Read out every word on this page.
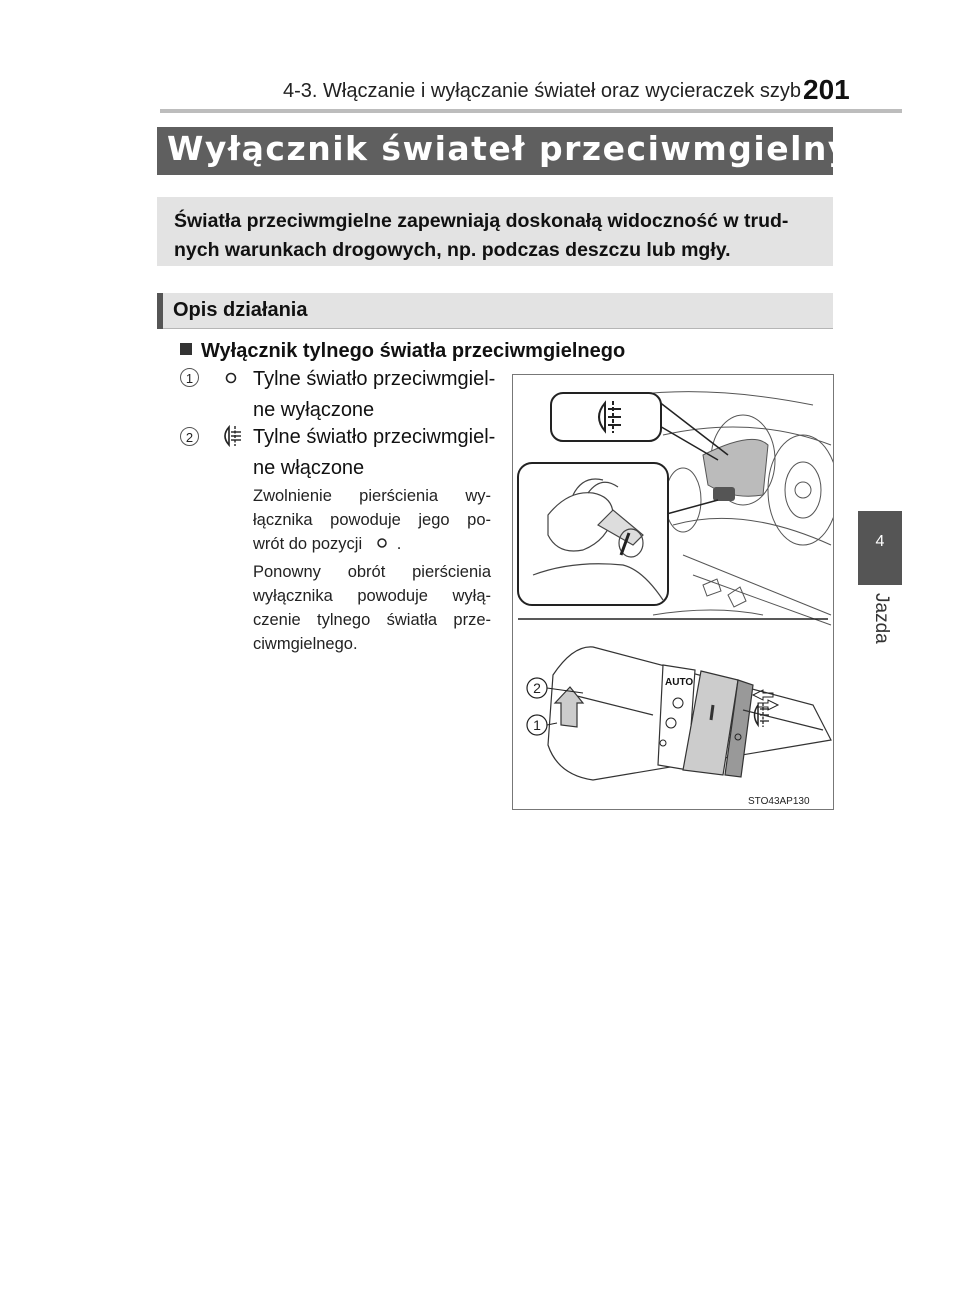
4-3. Włączanie i wyłączanie świateł oraz wycieraczek szyb 201
4
Jazda
Wyłącznik świateł przeciwmgielnych
Światła przeciwmgielne zapewniają doskonałą widoczność w trud-nych warunkach drogowych, np. podczas deszczu lub mgły.
Opis działania
Wyłącznik tylnego światła przeciwmgielnego
1	Tylne światło przeciwmgiel-
ne wyłączone
2	Tylne światło przeciwmgiel-
ne włączone
Zwolnienie pierścienia wy-
łącznika powoduje jego po-
wrót do pozycji .
Ponowny obrót pierścienia
wyłącznika powoduje wyłą-
czenie tylnego światła prze-
ciwmgielnego.
AUTO
2
1
STO43AP130
